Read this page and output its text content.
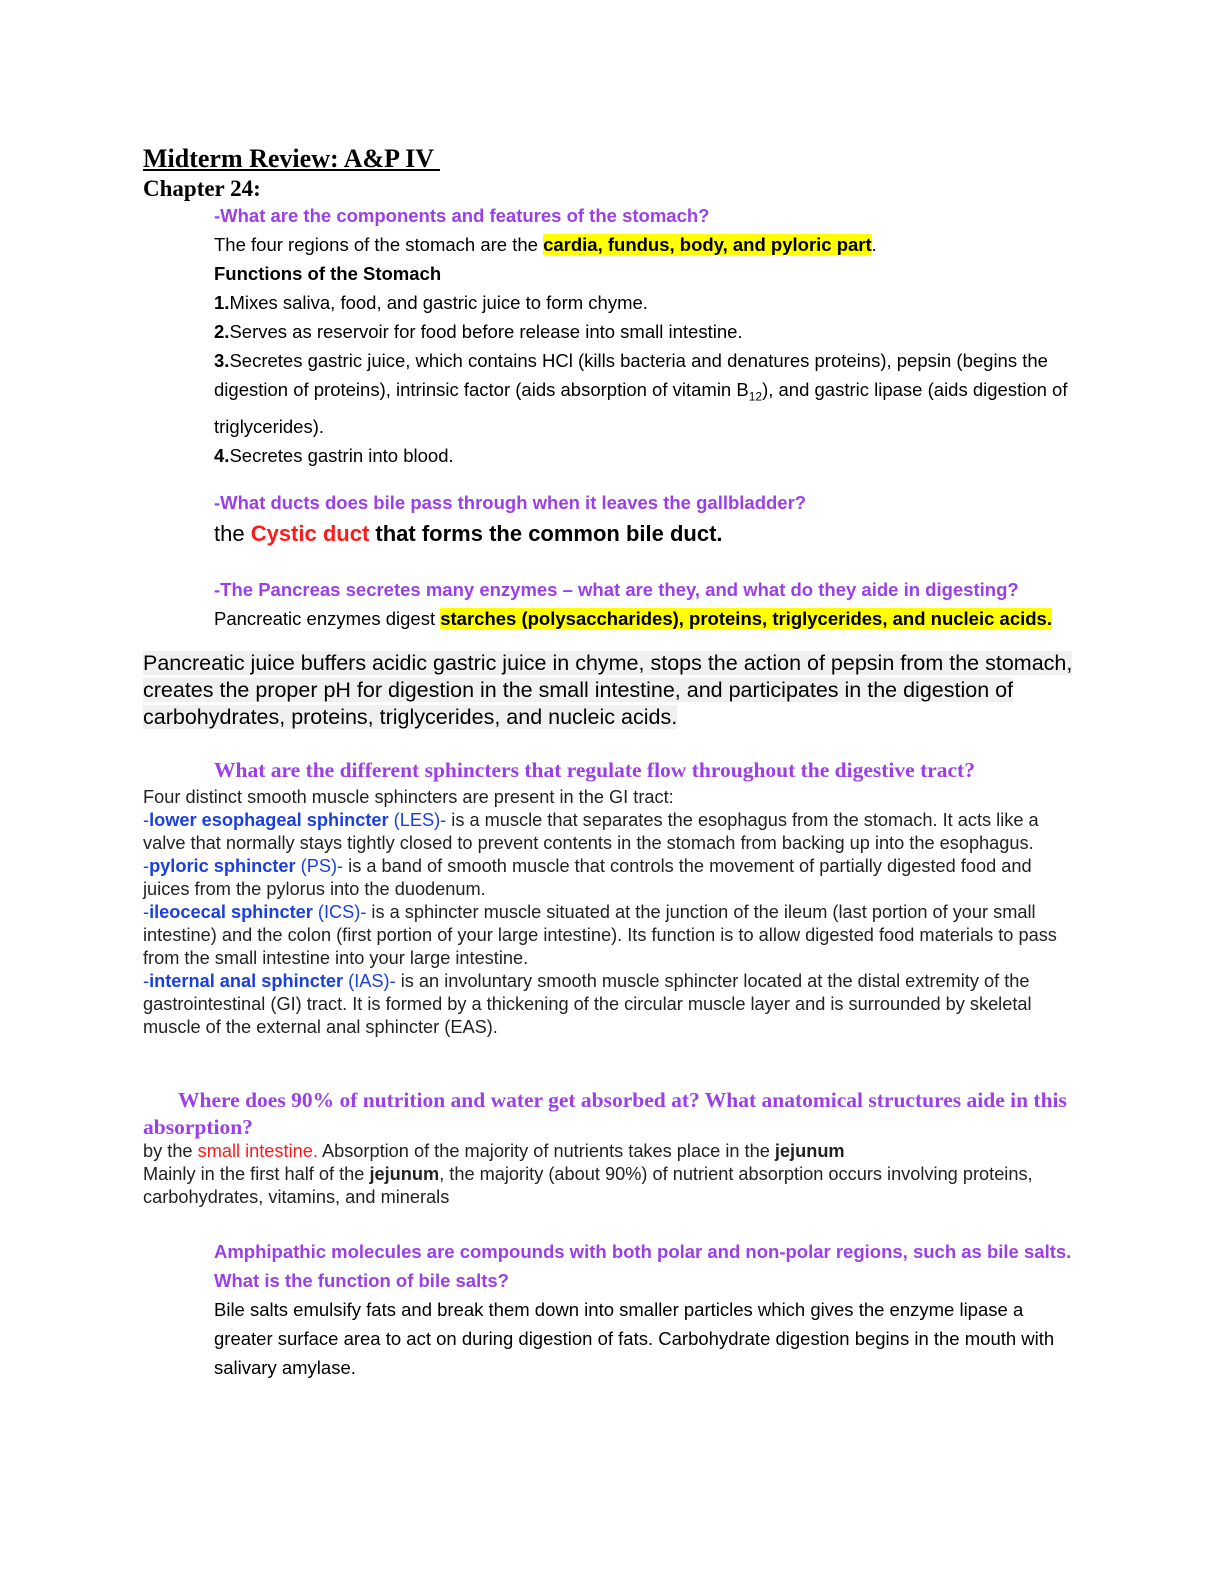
Midterm Review: A&P IV
Chapter 24:
-What are the components and features of the stomach?
The four regions of the stomach are the cardia, fundus, body, and pyloric part.
Functions of the Stomach
1.Mixes saliva, food, and gastric juice to form chyme.
2.Serves as reservoir for food before release into small intestine.
3.Secretes gastric juice, which contains HCl (kills bacteria and denatures proteins), pepsin (begins the digestion of proteins), intrinsic factor (aids absorption of vitamin $B_{12}$), and gastric lipase (aids digestion of triglycerides).
4.Secretes gastrin into blood.
-What ducts does bile pass through when it leaves the gallbladder?
the Cystic duct that forms the common bile duct.
-The Pancreas secretes many enzymes – what are they, and what do they aide in digesting?
Pancreatic enzymes digest starches (polysaccharides), proteins, triglycerides, and nucleic acids.
Pancreatic juice buffers acidic gastric juice in chyme, stops the action of pepsin from the stomach, creates the proper pH for digestion in the small intestine, and participates in the digestion of carbohydrates, proteins, triglycerides, and nucleic acids.
What are the different sphincters that regulate flow throughout the digestive tract?
Four distinct smooth muscle sphincters are present in the GI tract:
-lower esophageal sphincter (LES)- is a muscle that separates the esophagus from the stomach. It acts like a valve that normally stays tightly closed to prevent contents in the stomach from backing up into the esophagus.
-pyloric sphincter (PS)- is a band of smooth muscle that controls the movement of partially digested food and juices from the pylorus into the duodenum.
-ileocecal sphincter (ICS)- is a sphincter muscle situated at the junction of the ileum (last portion of your small intestine) and the colon (first portion of your large intestine). Its function is to allow digested food materials to pass from the small intestine into your large intestine.
-internal anal sphincter (IAS)- is an involuntary smooth muscle sphincter located at the distal extremity of the gastrointestinal (GI) tract. It is formed by a thickening of the circular muscle layer and is surrounded by skeletal muscle of the external anal sphincter (EAS).
Where does 90% of nutrition and water get absorbed at? What anatomical structures aide in this absorption?
by the small intestine. Absorption of the majority of nutrients takes place in the jejunum
Mainly in the first half of the jejunum, the majority (about 90%) of nutrient absorption occurs involving proteins, carbohydrates, vitamins, and minerals
Amphipathic molecules are compounds with both polar and non-polar regions, such as bile salts. What is the function of bile salts?
Bile salts emulsify fats and break them down into smaller particles which gives the enzyme lipase a greater surface area to act on during digestion of fats. Carbohydrate digestion begins in the mouth with salivary amylase.
